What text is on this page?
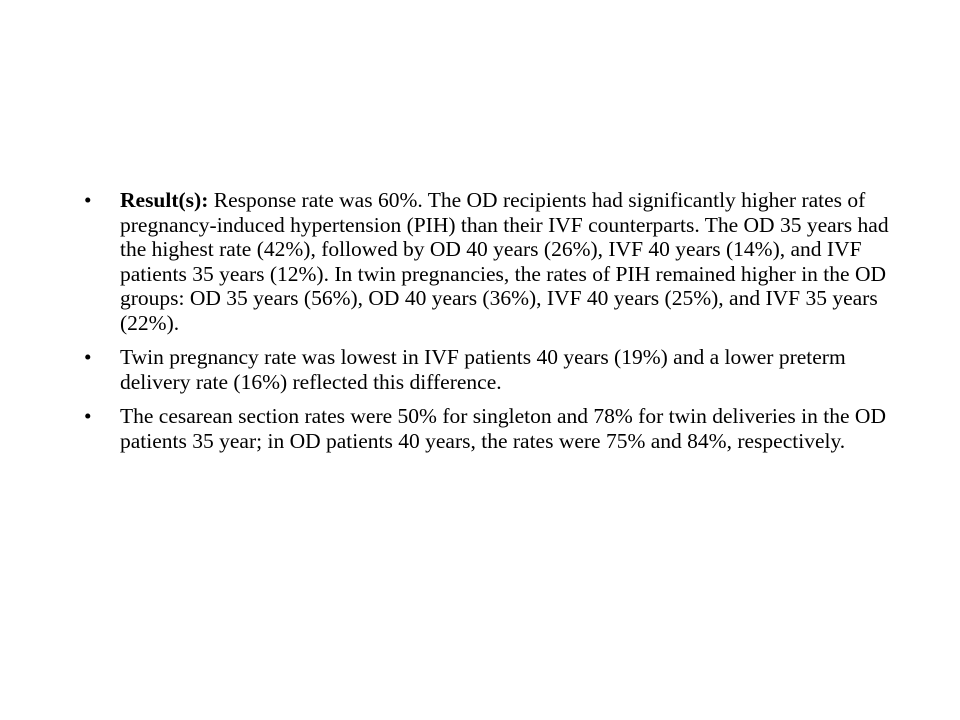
• Result(s): Response rate was 60%. The OD recipients had significantly higher rates of pregnancy-induced hypertension (PIH) than their IVF counterparts. The OD 35 years had the highest rate (42%), followed by OD 40 years (26%), IVF 40 years (14%), and IVF patients 35 years (12%). In twin pregnancies, the rates of PIH remained higher in the OD groups: OD 35 years (56%), OD 40 years (36%), IVF 40 years (25%), and IVF 35 years (22%).
• Twin pregnancy rate was lowest in IVF patients 40 years (19%) and a lower preterm delivery rate (16%) reflected this difference.
• The cesarean section rates were 50% for singleton and 78% for twin deliveries in the OD patients 35 year; in OD patients 40 years, the rates were 75% and 84%, respectively.
